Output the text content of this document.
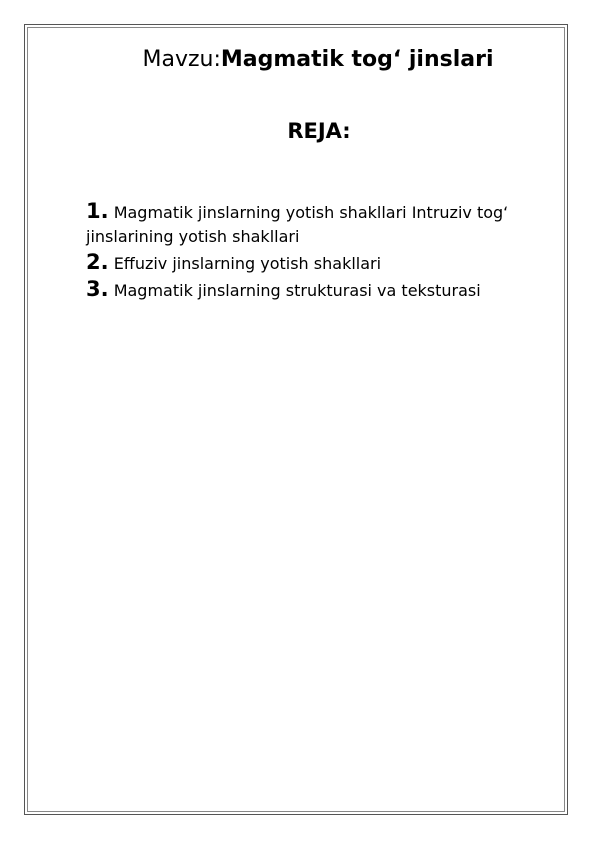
Mavzu:Magmatik tog‘ jinslari
REJA:
1. Magmatik jinslarning yotish shakllari Intruziv tog‘ jinslarining yotish shakllari
2. Effuziv jinslarning yotish shakllari
3. Magmatik jinslarning strukturasi va teksturasi
